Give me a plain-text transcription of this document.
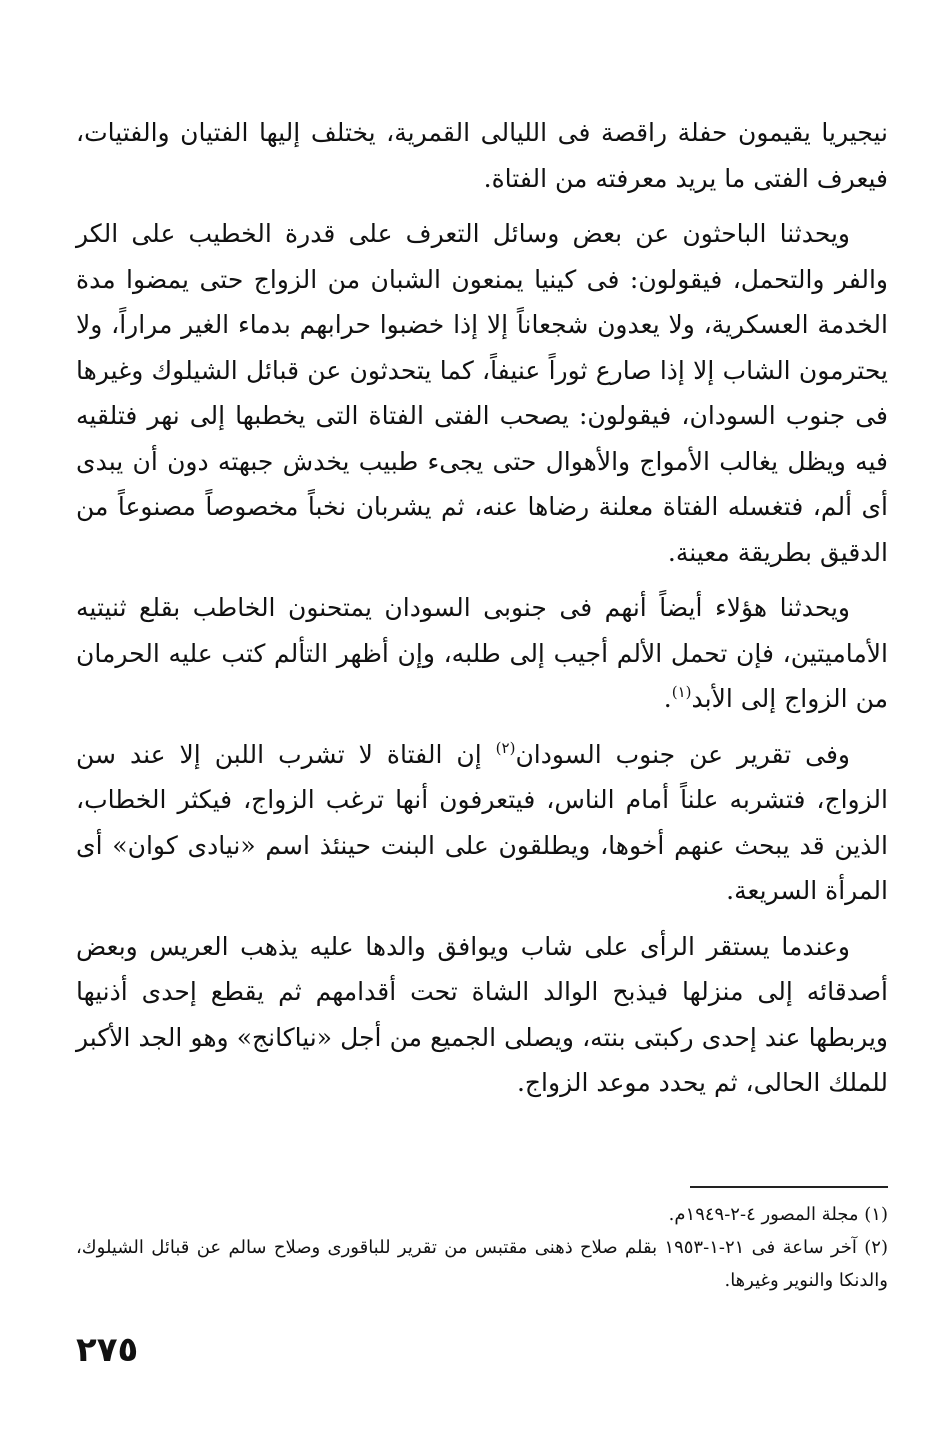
نيجيريا يقيمون حفلة راقصة فى الليالى القمرية، يختلف إليها الفتيان والفتيات، فيعرف الفتى ما يريد معرفته من الفتاة.

ويحدثنا الباحثون عن بعض وسائل التعرف على قدرة الخطيب على الكر والفر والتحمل، فيقولون: فى كينيا يمنعون الشبان من الزواج حتى يمضوا مدة الخدمة العسكرية، ولا يعدون شجعاناً إلا إذا خضبوا حرابهم بدماء الغير مراراً، ولا يحترمون الشاب إلا إذا صارع ثوراً عنيفاً، كما يتحدثون عن قبائل الشيلوك وغيرها فى جنوب السودان، فيقولون: يصحب الفتى الفتاة التى يخطبها إلى نهر فتلقيه فيه ويظل يغالب الأمواج والأهوال حتى يجىء طبيب يخدش جبهته دون أن يبدى أى ألم، فتغسله الفتاة معلنة رضاها عنه، ثم يشربان نخباً مخصوصاً مصنوعاً من الدقيق بطريقة معينة.

ويحدثنا هؤلاء أيضاً أنهم فى جنوبى السودان يمتحنون الخاطب بقلع ثنيتيه الأماميتين، فإن تحمل الألم أجيب إلى طلبه، وإن أظهر التألم كتب عليه الحرمان من الزواج إلى الأبد$^{(١)}$.

وفى تقرير عن جنوب السودان$^{(٢)}$ إن الفتاة لا تشرب اللبن إلا عند سن الزواج، فتشربه علناً أمام الناس، فيتعرفون أنها ترغب الزواج، فيكثر الخطاب، الذين قد يبحث عنهم أخوها، ويطلقون على البنت حينئذ اسم «نيادى كوان» أى المرأة السريعة.

وعندما يستقر الرأى على شاب ويوافق والدها عليه يذهب العريس وبعض أصدقائه إلى منزلها فيذبح الوالد الشاة تحت أقدامهم ثم يقطع إحدى أذنيها ويربطها عند إحدى ركبتى بنته، ويصلى الجميع من أجل «نياكانج» وهو الجد الأكبر للملك الحالى، ثم يحدد موعد الزواج.

(١) مجلة المصور ٤-٢-١٩٤٩م.
(٢) آخر ساعة فى ٢١-١-١٩٥٣ بقلم صلاح ذهنى مقتبس من تقرير للباقورى وصلاح سالم عن قبائل الشيلوك، والدنكا والنوير وغيرها.
٢٧٥
